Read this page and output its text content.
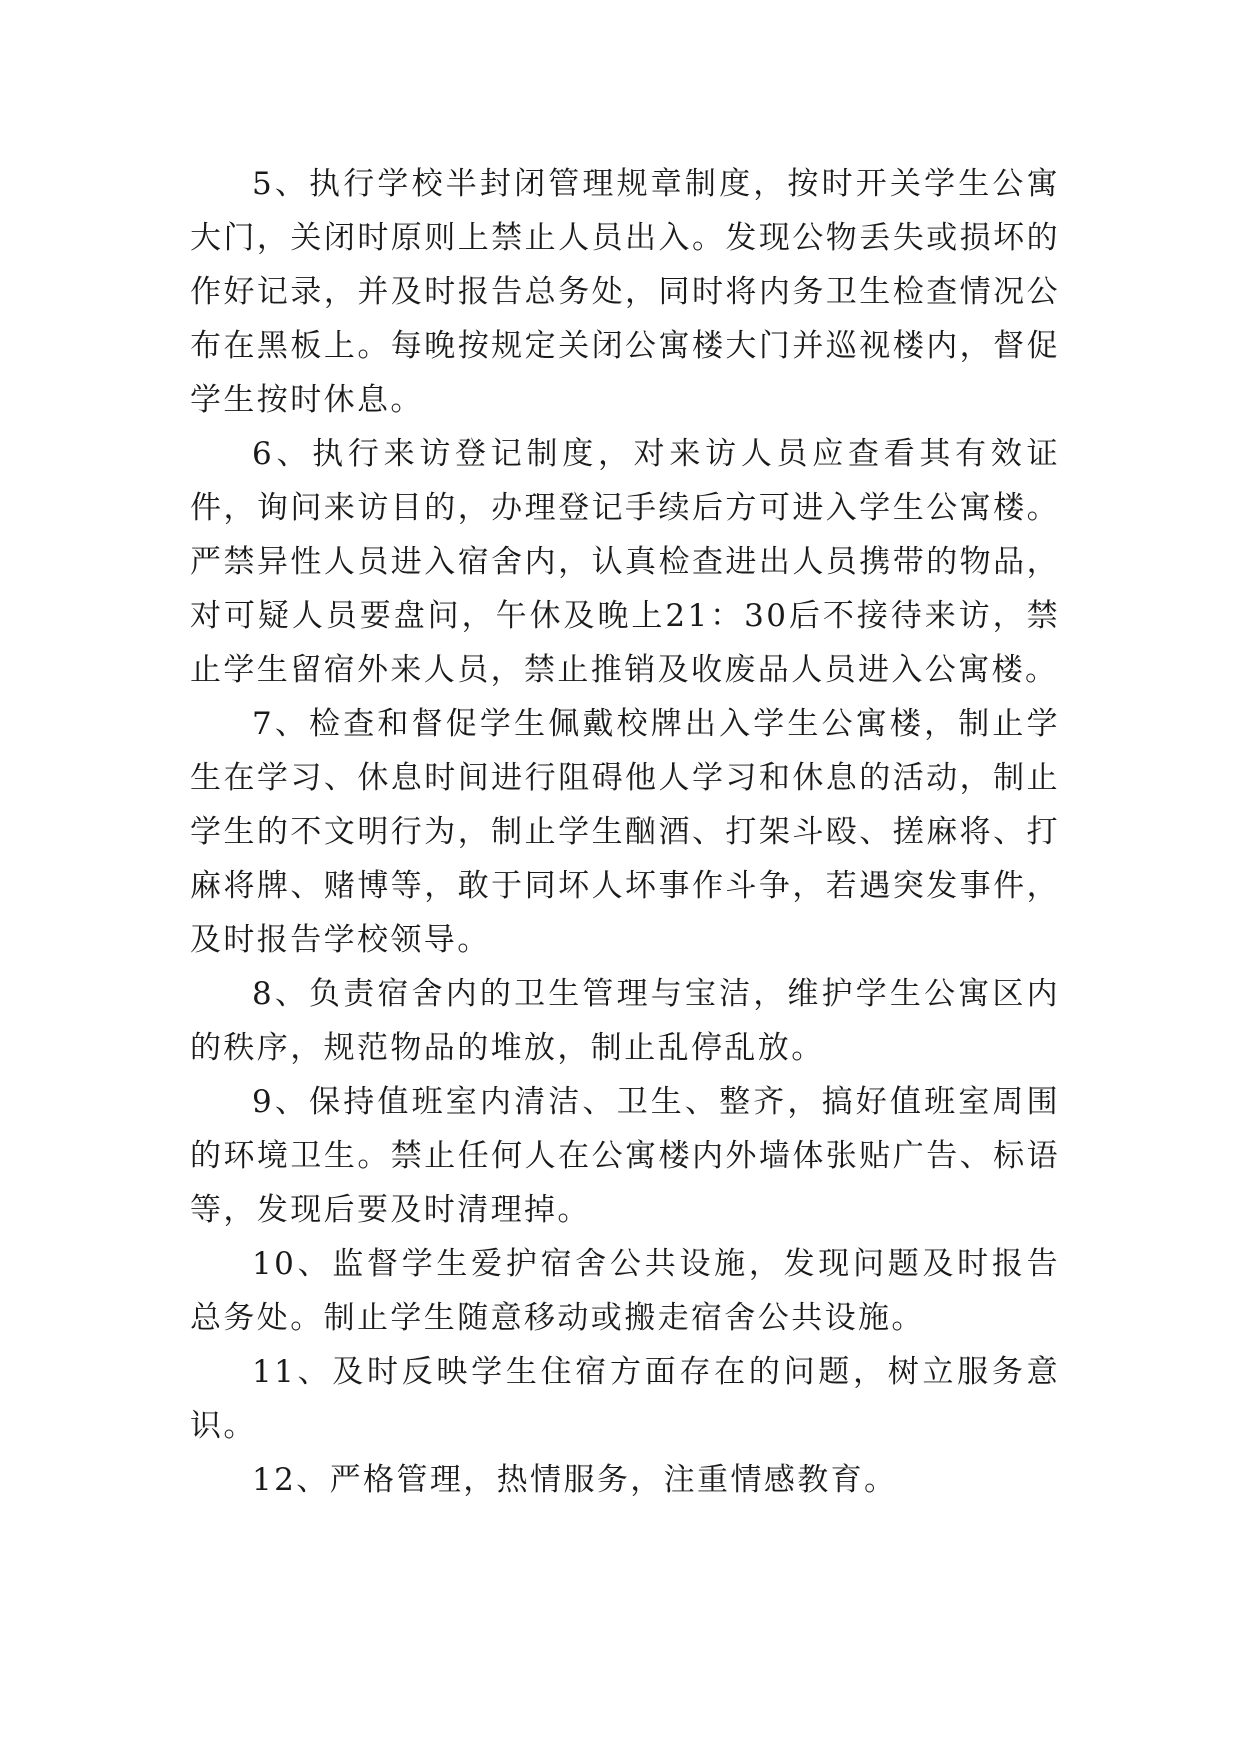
5、执行学校半封闭管理规章制度，按时开关学生公寓大门，关闭时原则上禁止人员出入。发现公物丢失或损坏的作好记录，并及时报告总务处，同时将内务卫生检查情况公布在黑板上。每晚按规定关闭公寓楼大门并巡视楼内，督促学生按时休息。

6、执行来访登记制度，对来访人员应查看其有效证件，询问来访目的，办理登记手续后方可进入学生公寓楼。严禁异性人员进入宿舍内，认真检查进出人员携带的物品，对可疑人员要盘问，午休及晚上21：30后不接待来访，禁止学生留宿外来人员，禁止推销及收废品人员进入公寓楼。

7、检查和督促学生佩戴校牌出入学生公寓楼，制止学生在学习、休息时间进行阻碍他人学习和休息的活动，制止学生的不文明行为，制止学生酗酒、打架斗殴、搓麻将、打麻将牌、赌博等，敢于同坏人坏事作斗争，若遇突发事件，及时报告学校领导。

8、负责宿舍内的卫生管理与宝洁，维护学生公寓区内的秩序，规范物品的堆放，制止乱停乱放。

9、保持值班室内清洁、卫生、整齐，搞好值班室周围的环境卫生。禁止任何人在公寓楼内外墙体张贴广告、标语等，发现后要及时清理掉。

10、监督学生爱护宿舍公共设施，发现问题及时报告总务处。制止学生随意移动或搬走宿舍公共设施。

11、及时反映学生住宿方面存在的问题，树立服务意识。

12、严格管理，热情服务，注重情感教育。
